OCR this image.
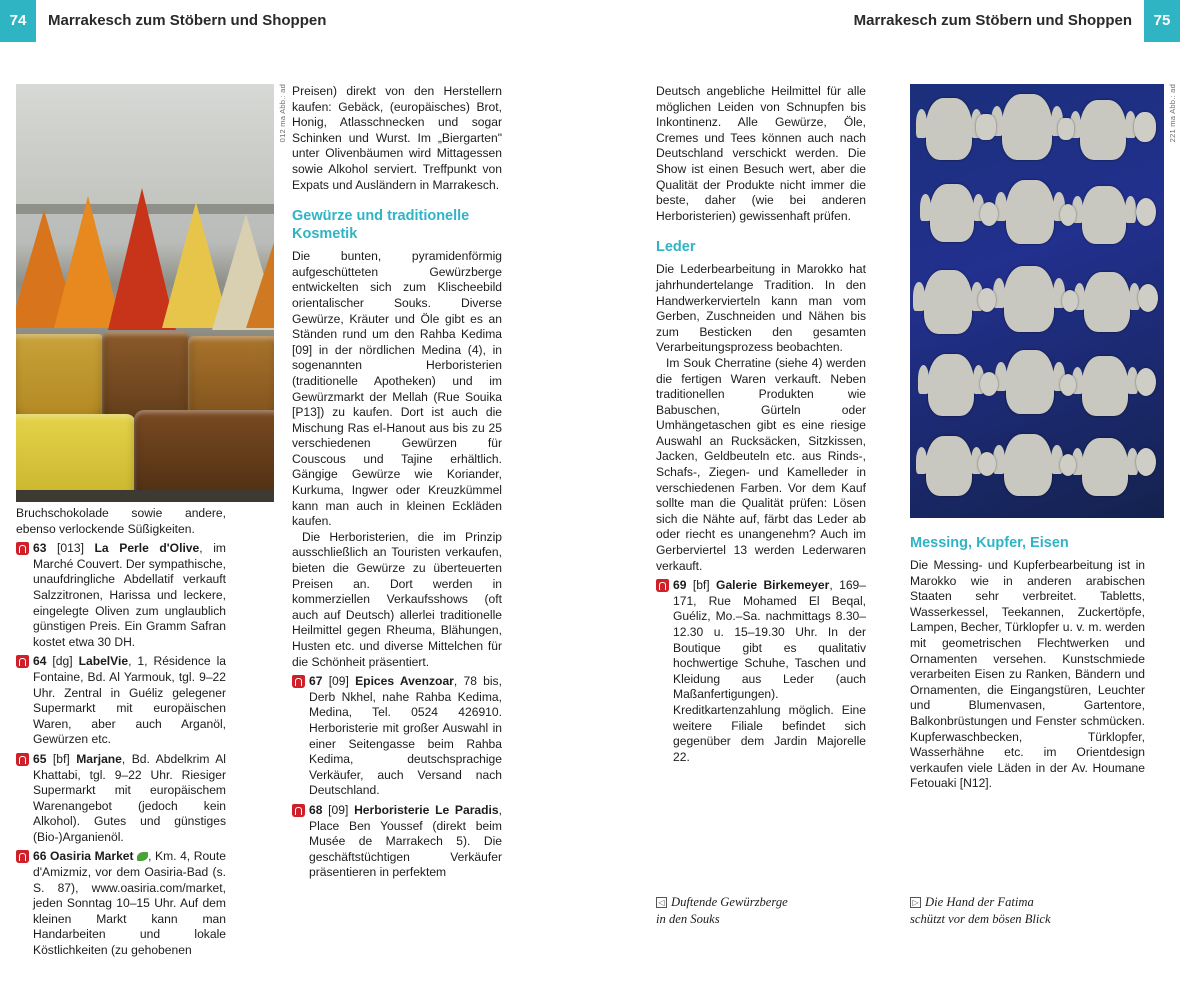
74	Marrakesch zum Stöbern und Shoppen	75
Marrakesch zum Stöbern und Shoppen
012 ma Abb.: ad	221 ma Abb.: ad

Bruchschokolade sowie andere, ebenso verlockende Süßigkeiten.

63 [013] La Perle d'Olive, im Marché Couvert. Der sympathische, unaufdringliche Abdellatif verkauft Salzzitronen, Harissa und leckere, eingelegte Oliven zum unglaublich günstigen Preis. Ein Gramm Safran kostet etwa 30 DH.
64 [dg] LabelVie, 1, Résidence la Fontaine, Bd. Al Yarmouk, tgl. 9–22 Uhr. Zentral in Guéliz gelegener Supermarkt mit europäischen Waren, aber auch Arganöl, Gewürzen etc.
65 [bf] Marjane, Bd. Abdelkrim Al Khattabi, tgl. 9–22 Uhr. Riesiger Supermarkt mit europäischem Warenangebot (jedoch kein Alkohol). Gutes und günstiges (Bio-)Arganienöl.
66 Oasiria Market , Km. 4, Route d'Amizmiz, vor dem Oasiria-Bad (s. S. 87), www.oasiria.com/market, jeden Sonntag 10–15 Uhr. Auf dem kleinen Markt kann man Handarbeiten und lokale Köstlichkeiten (zu gehobenen

Preisen) direkt von den Herstellern kaufen: Gebäck, (europäisches) Brot, Honig, Atlasschnecken und sogar Schinken und Wurst. Im „Biergarten" unter Olivenbäumen wird Mittagessen sowie Alkohol serviert. Treffpunkt von Expats und Ausländern in Marrakesch.

Gewürze und traditionelle Kosmetik

Die bunten, pyramidenförmig aufgeschütteten Gewürzberge entwickelten sich zum Klischeebild orientalischer Souks. Diverse Gewürze, Kräuter und Öle gibt es an Ständen rund um den Rahba Kedima [09] in der nördlichen Medina (4), in sogenannten Herboristerien (traditionelle Apotheken) und im Gewürzmarkt der Mellah (Rue Souika [P13]) zu kaufen. Dort ist auch die Mischung Ras el-Hanout aus bis zu 25 verschiedenen Gewürzen für Couscous und Tajine erhältlich. Gängige Gewürze wie Koriander, Kurkuma, Ingwer oder Kreuzkümmel kann man auch in kleinen Eckläden kaufen.

Die Herboristerien, die im Prinzip ausschließlich an Touristen verkaufen, bieten die Gewürze zu überteuerten Preisen an. Dort werden in kommerziellen Verkaufsshows (oft auch auf Deutsch) allerlei traditionelle Heilmittel gegen Rheuma, Blähungen, Husten etc. und diverse Mittelchen für die Schönheit präsentiert.

67 [09] Epices Avenzoar, 78 bis, Derb Nkhel, nahe Rahba Kedima, Medina, Tel. 0524 426910. Herboristerie mit großer Auswahl in einer Seitengasse beim Rahba Kedima, deutschsprachige Verkäufer, auch Versand nach Deutschland.
68 [09] Herboristerie Le Paradis, Place Ben Youssef (direkt beim Musée de Marrakech 5). Die geschäftstüchtigen Verkäufer präsentieren in perfektem

Deutsch angebliche Heilmittel für alle möglichen Leiden von Schnupfen bis Inkontinenz. Alle Gewürze, Öle, Cremes und Tees können auch nach Deutschland verschickt werden. Die Show ist einen Besuch wert, aber die Qualität der Produkte nicht immer die beste, daher (wie bei anderen Herboristerien) gewissenhaft prüfen.

Leder

Die Lederbearbeitung in Marokko hat jahrhundertelange Tradition. In den Handwerkervierteln kann man vom Gerben, Zuschneiden und Nähen bis zum Besticken den gesamten Verarbeitungsprozess beobachten.

Im Souk Cherratine (siehe 4) werden die fertigen Waren verkauft. Neben traditionellen Produkten wie Babuschen, Gürteln oder Umhängetaschen gibt es eine riesige Auswahl an Rucksäcken, Sitzkissen, Jacken, Geldbeuteln etc. aus Rinds-, Schafs-, Ziegen- und Kamelleder in verschiedenen Farben. Vor dem Kauf sollte man die Qualität prüfen: Lösen sich die Nähte auf, färbt das Leder ab oder riecht es unangenehm? Auch im Gerberviertel 13 werden Lederwaren verkauft.

69 [bf] Galerie Birkemeyer, 169–171, Rue Mohamed El Beqal, Guéliz, Mo.–Sa. nachmittags 8.30–12.30 u. 15–19.30 Uhr. In der Boutique gibt es qualitativ hochwertige Schuhe, Taschen und Kleidung aus Leder (auch Maßanfertigungen). Kreditkartenzahlung möglich. Eine weitere Filiale befindet sich gegenüber dem Jardin Majorelle 22.
Messing, Kupfer, Eisen

Die Messing- und Kupferbearbeitung ist in Marokko wie in anderen arabischen Staaten sehr verbreitet. Tabletts, Wasserkessel, Teekannen, Zuckertöpfe, Lampen, Becher, Türklopfer u. v. m. werden mit geometrischen Flechtwerken und Ornamenten versehen. Kunstschmiede verarbeiten Eisen zu Ranken, Bändern und Ornamenten, die Eingangstüren, Leuchter und Blumenvasen, Gartentore, Balkonbrüstungen und Fenster schmücken. Kupferwaschbecken, Türklopfer, Wasserhähne etc. im Orientdesign verkaufen viele Läden in der Av. Houmane Fetouaki [N12].

◁ Duftende Gewürzberge
in den Souks
▷ Die Hand der Fatima
schützt vor dem bösen Blick
